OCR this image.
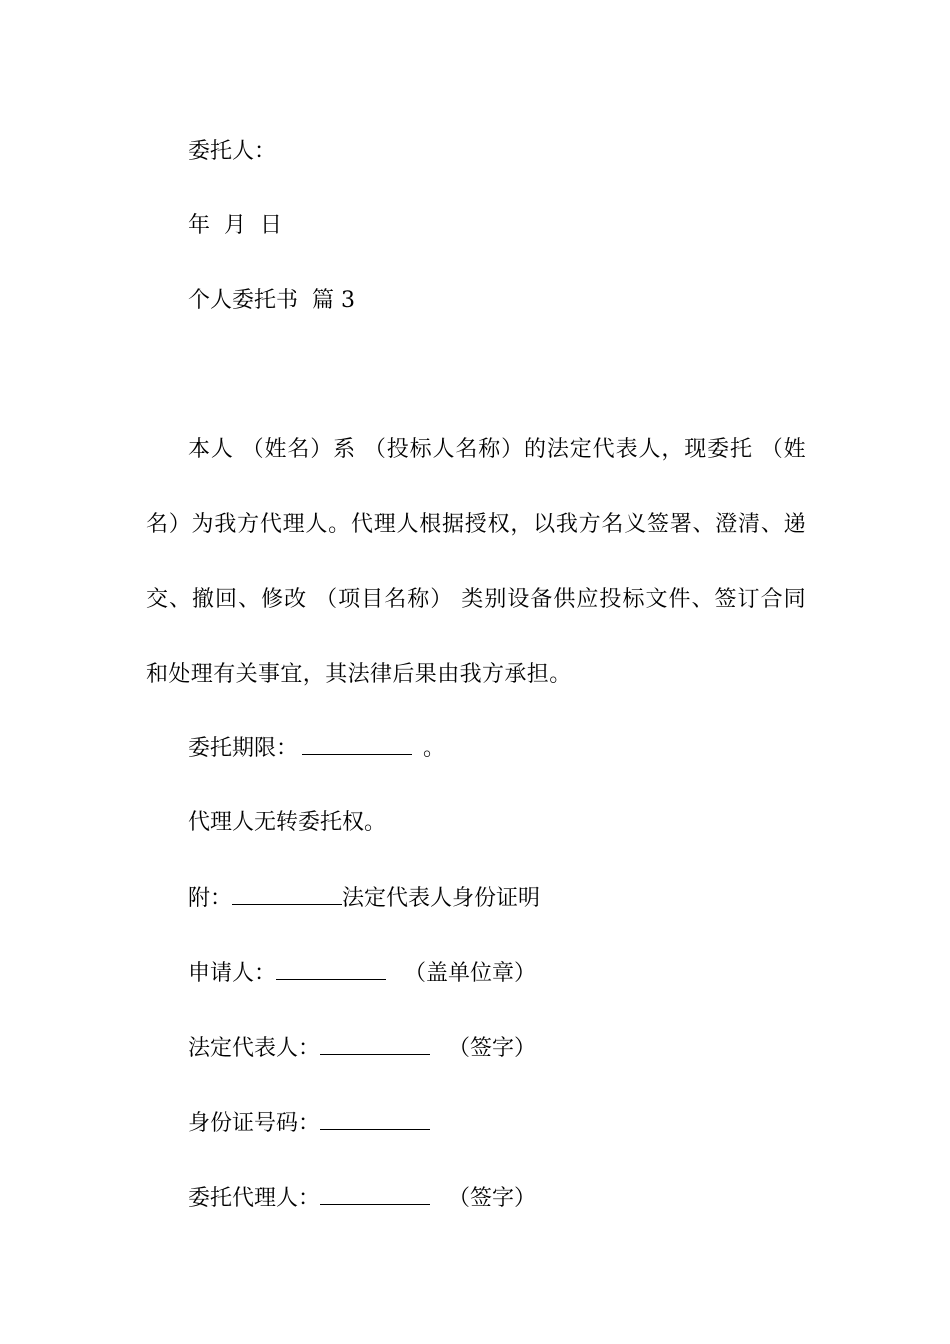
委托人：
年  月  日
个人委托书  篇 3
本人 （姓名）系 （投标人名称）的法定代表人，现委托 （姓名）为我方代理人。代理人根据授权，以我方名义签署、澄清、递交、撤回、修改 （项目名称） 类别设备供应投标文件、签订合同和处理有关事宜，其法律后果由我方承担。
委托期限：	。
代理人无转委托权。
附：	法定代表人身份证明
申请人：	（盖单位章）
法定代表人：	（签字）
身份证号码：
委托代理人：	（签字）
